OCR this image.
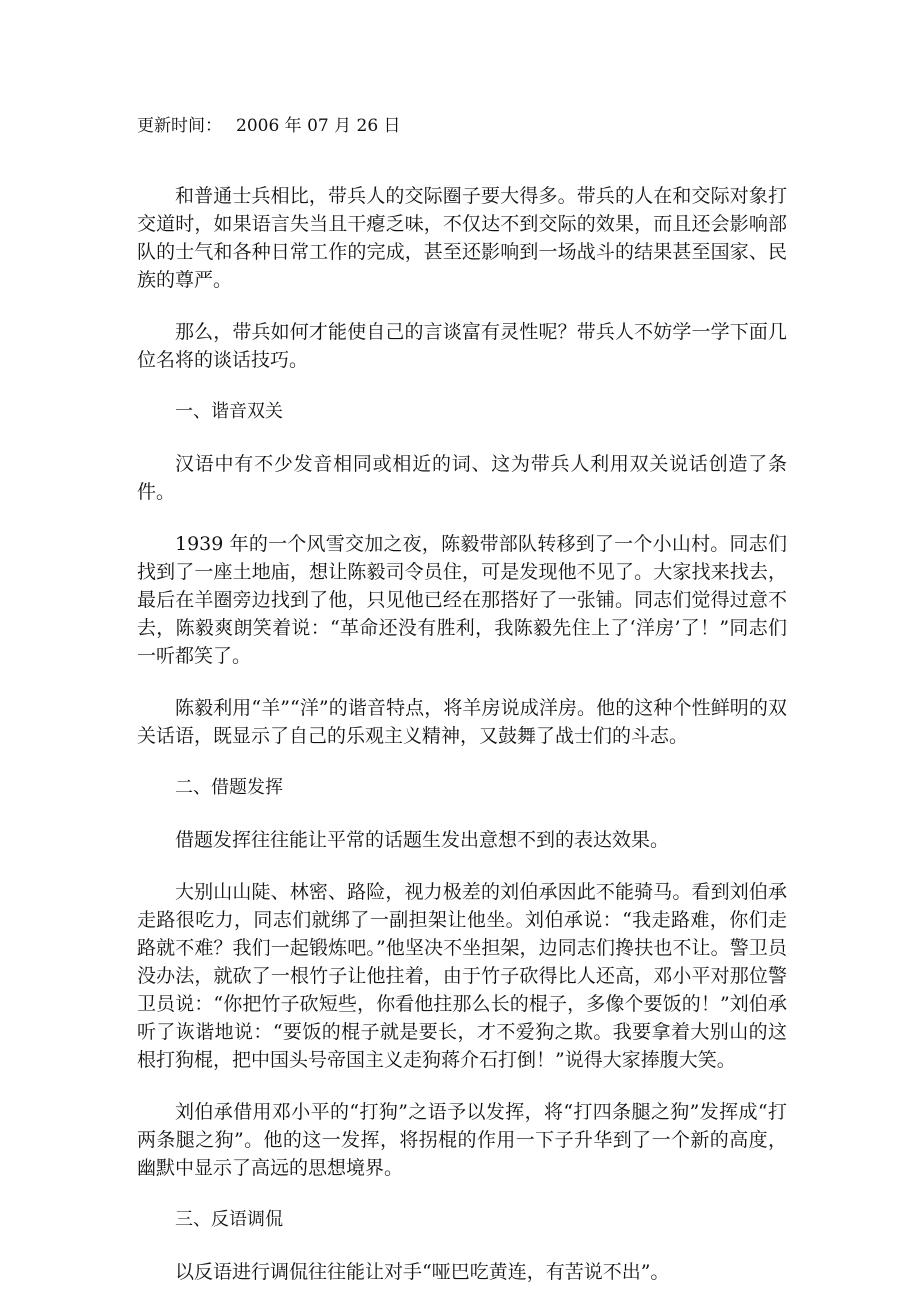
更新时间： 2006 年 07 月 26 日

和普通士兵相比，带兵人的交际圈子要大得多。带兵的人在和交际对象打交道时，如果语言失当且干瘪乏味，不仅达不到交际的效果，而且还会影响部队的士气和各种日常工作的完成，甚至还影响到一场战斗的结果甚至国家、民族的尊严。

那么，带兵如何才能使自己的言谈富有灵性呢？带兵人不妨学一学下面几位名将的谈话技巧。

一、谐音双关

汉语中有不少发音相同或相近的词、这为带兵人利用双关说话创造了条件。

1939 年的一个风雪交加之夜，陈毅带部队转移到了一个小山村。同志们找到了一座土地庙，想让陈毅司令员住，可是发现他不见了。大家找来找去，最后在羊圈旁边找到了他，只见他已经在那搭好了一张铺。同志们觉得过意不去，陈毅爽朗笑着说：“革命还没有胜利，我陈毅先住上了‘洋房’了！”同志们一听都笑了。

陈毅利用“羊”“洋”的谐音特点，将羊房说成洋房。他的这种个性鲜明的双关话语，既显示了自己的乐观主义精神，又鼓舞了战士们的斗志。

二、借题发挥

借题发挥往往能让平常的话题生发出意想不到的表达效果。

大别山山陡、林密、路险，视力极差的刘伯承因此不能骑马。看到刘伯承走路很吃力，同志们就绑了一副担架让他坐。刘伯承说：“我走路难，你们走路就不难？我们一起锻炼吧。”他坚决不坐担架，边同志们搀扶也不让。警卫员没办法，就砍了一根竹子让他拄着，由于竹子砍得比人还高，邓小平对那位警卫员说：“你把竹子砍短些，你看他拄那么长的棍子，多像个要饭的！”刘伯承听了诙谐地说：“要饭的棍子就是要长，才不爱狗之欺。我要拿着大别山的这根打狗棍，把中国头号帝国主义走狗蒋介石打倒！”说得大家捧腹大笑。

刘伯承借用邓小平的“打狗”之语予以发挥，将“打四条腿之狗”发挥成“打两条腿之狗”。他的这一发挥，将拐棍的作用一下子升华到了一个新的高度，幽默中显示了高远的思想境界。

三、反语调侃

以反语进行调侃往往能让对手“哑巴吃黄连，有苦说不出”。
